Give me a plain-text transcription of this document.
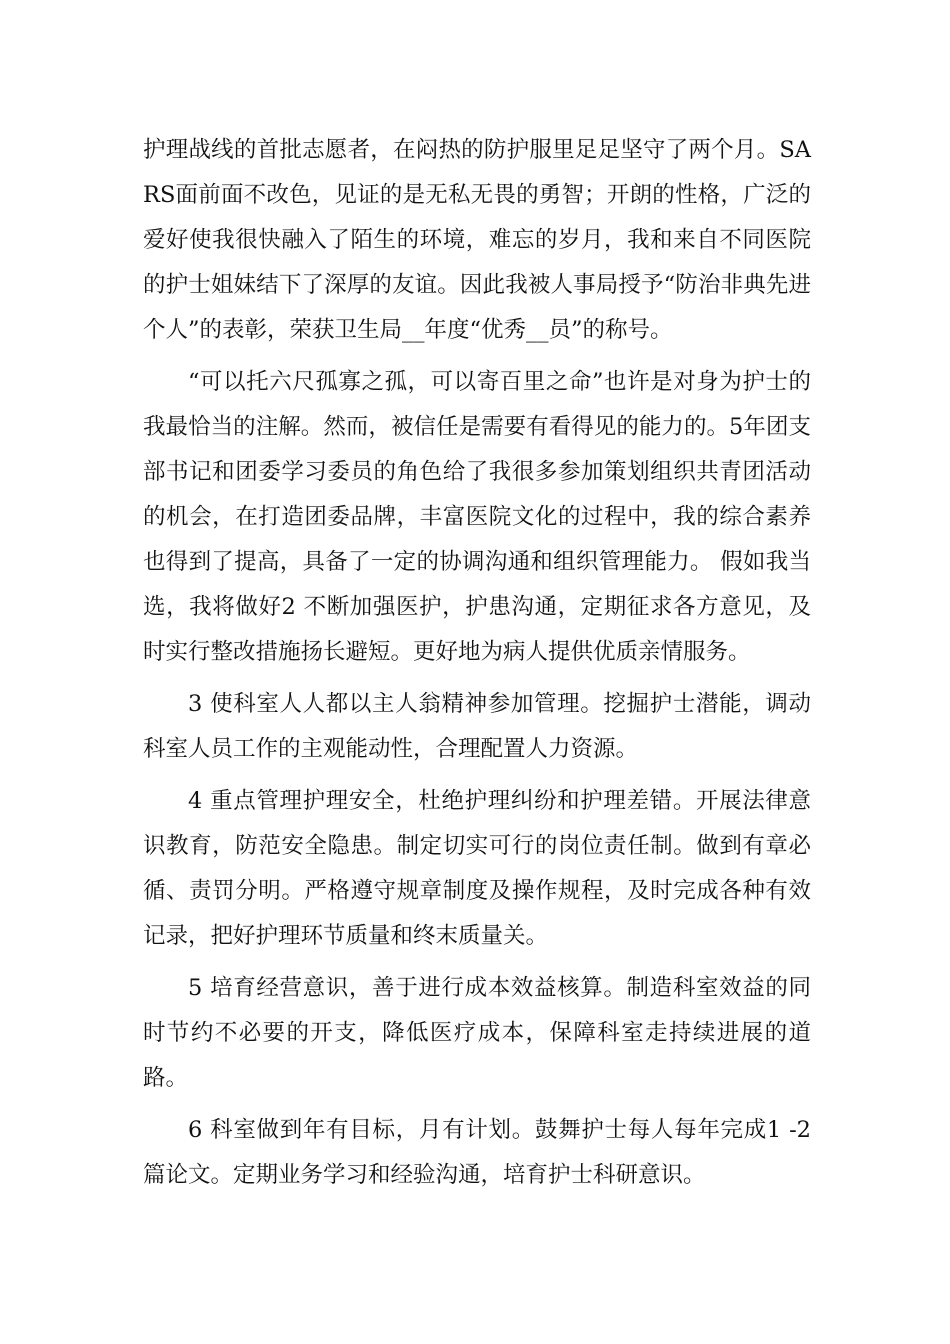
护理战线的首批志愿者，在闷热的防护服里足足坚守了两个月。SARS面前面不改色，见证的是无私无畏的勇智；开朗的性格，广泛的爱好使我很快融入了陌生的环境，难忘的岁月，我和来自不同医院的护士姐妹结下了深厚的友谊。因此我被人事局授予“防治非典先进个人”的表彰，荣获卫生局__年度“优秀__员”的称号。

“可以托六尺孤寡之孤，可以寄百里之命”也许是对身为护士的我最恰当的注解。然而，被信任是需要有看得见的能力的。5年团支部书记和团委学习委员的角色给了我很多参加策划组织共青团活动的机会，在打造团委品牌，丰富医院文化的过程中，我的综合素养也得到了提高，具备了一定的协调沟通和组织管理能力。 假如我当选，我将做好2 不断加强医护，护患沟通，定期征求各方意见，及时实行整改措施扬长避短。更好地为病人提供优质亲情服务。

3 使科室人人都以主人翁精神参加管理。挖掘护士潜能，调动科室人员工作的主观能动性，合理配置人力资源。

4 重点管理护理安全，杜绝护理纠纷和护理差错。开展法律意识教育，防范安全隐患。制定切实可行的岗位责任制。做到有章必循、责罚分明。严格遵守规章制度及操作规程，及时完成各种有效记录，把好护理环节质量和终末质量关。

5 培育经营意识，善于进行成本效益核算。制造科室效益的同时节约不必要的开支，降低医疗成本，保障科室走持续进展的道路。

6 科室做到年有目标，月有计划。鼓舞护士每人每年完成1 -2篇论文。定期业务学习和经验沟通，培育护士科研意识。
